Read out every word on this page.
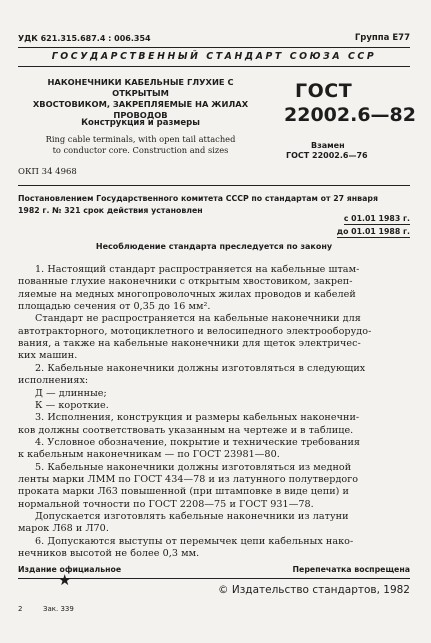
УДК 621.315.687.4 : 006.354	Группа Е77
ГОСУДАРСТВЕННЫЙ СТАНДАРТ СОЮЗА ССР
НАКОНЕЧНИКИ КАБЕЛЬНЫЕ ГЛУХИЕ С ОТКРЫТЫМ
ХВОСТОВИКОМ, ЗАКРЕПЛЯЕМЫЕ НА ЖИЛАХ
ПРОВОДОВ
Конструкция и размеры
Ring cable terminals, with open tail attached
to conductor core. Construction and sizes
ОКП 34 4968
ГОСТ
22002.6—82
Взамен
ГОСТ 22002.6—76
Постановлением Государственного комитета СССР по стандартам от 27 января
1982 г. № 321 срок действия установлен
с 01.01 1983 г.
до 01.01 1988 г.
Несоблюдение стандарта преследуется по закону
1. Настоящий стандарт распространяется на кабельные штам-
пованные глухие наконечники с открытым хвостовиком, закреп-
ляемые на медных многопроволочных жилах проводов и кабелей
площадью сечения от 0,35 до 16 мм².
Стандарт не распространяется на кабельные наконечники для
автотракторного, мотоциклетного и велосипедного электрооборудо-
вания, а также на кабельные наконечники для щеток электричес-
ких машин.
2. Кабельные наконечники должны изготовляться в следующих
исполнениях:
Д — длинные;
К — короткие.
3. Исполнения, конструкция и размеры кабельных наконечни-
ков должны соответствовать указанным на чертеже и в таблице.
4. Условное обозначение, покрытие и технические требования
к кабельным наконечникам — по ГОСТ 23981—80.
5. Кабельные наконечники должны изготовляться из медной
ленты марки ЛММ по ГОСТ 434—78 и из латунного полутвердого
проката марки Л63 повышенной (при штамповке в виде цепи) и
нормальной точности по ГОСТ 2208—75 и ГОСТ 931—78.
Допускается изготовлять кабельные наконечники из латуни
марок Л68 и Л70.
6. Допускаются выступы от перемычек цепи кабельных нако-
нечников высотой не более 0,3 мм.
Издание официальное	Перепечатка воспрещена
★
© Издательство стандартов, 1982
2	Зак. 339
